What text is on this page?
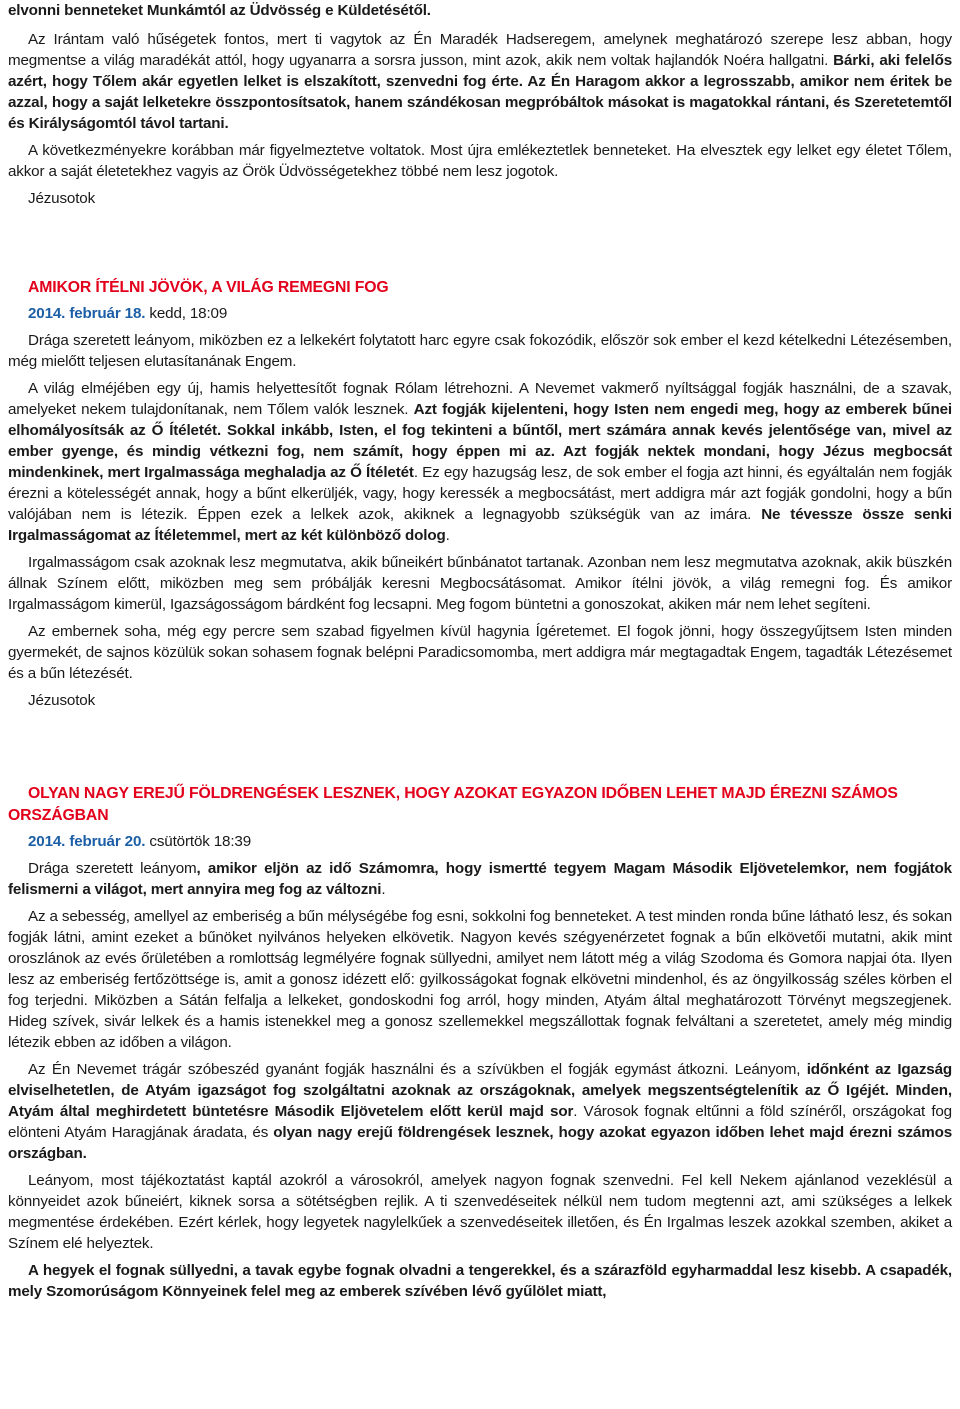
elvonni benneteket Munkámtól az Üdvösség e Küldetésétől.

Az Irántam való hűségetek fontos, mert ti vagytok az Én Maradék Hadseregem, amelynek meghatározó szerepe lesz abban, hogy megmentse a világ maradékát attól, hogy ugyanarra a sorsra jusson, mint azok, akik nem voltak hajlandók Noéra hallgatni. Bárki, aki felelős azért, hogy Tőlem akár egyetlen lelket is elszakított, szenvedni fog érte. Az Én Haragom akkor a legrosszabb, amikor nem éritek be azzal, hogy a saját lelketekre összpontosítsatok, hanem szándékosan megpróbáltok másokat is magatokkal rántani, és Szeretetemtől és Királyságomtól távol tartani.

A következményekre korábban már figyelmeztetve voltatok. Most újra emlékeztetlek benneteket. Ha elvesztek egy lelket egy életet Tőlem, akkor a saját életetekhez vagyis az Örök Üdvösségetekhez többé nem lesz jogotok.

Jézusotok

AMIKOR ÍTÉLNI JÖVÖK, A VILÁG REMEGNI FOG
2014. február 18. kedd, 18:09

Drága szeretett leányom, miközben ez a lelkekért folytatott harc egyre csak fokozódik, először sok ember el kezd kételkedni Létezésemben, még mielőtt teljesen elutasítanának Engem.

A világ elméjében egy új, hamis helyettesítőt fognak Rólam létrehozni. A Nevemet vakmerő nyíltsággal fogják használni, de a szavak, amelyeket nekem tulajdonítanak, nem Tőlem valók lesznek. Azt fogják kijelenteni, hogy Isten nem engedi meg, hogy az emberek bűnei elhomályosítsák az Ő Ítéletét. Sokkal inkább, Isten, el fog tekinteni a bűntől, mert számára annak kevés jelentősége van, mivel az ember gyenge, és mindig vétkezni fog, nem számít, hogy éppen mi az. Azt fogják nektek mondani, hogy Jézus megbocsát mindenkinek, mert Irgalmassága meghaladja az Ő Ítéletét. Ez egy hazugság lesz, de sok ember el fogja azt hinni, és egyáltalán nem fogják érezni a kötelességét annak, hogy a bűnt elkerüljék, vagy, hogy keressék a megbocsátást, mert addigra már azt fogják gondolni, hogy a bűn valójában nem is létezik. Éppen ezek a lelkek azok, akiknek a legnagyobb szükségük van az imára. Ne tévessze össze senki Irgalmasságomat az Ítéletemmel, mert az két különböző dolog.

Irgalmasságom csak azoknak lesz megmutatva, akik bűneikért bűnbánatot tartanak. Azonban nem lesz megmutatva azoknak, akik büszkén állnak Színem előtt, miközben meg sem próbálják keresni Megbocsátásomat. Amikor ítélni jövök, a világ remegni fog. És amikor Irgalmasságom kimerül, Igazságosságom bárdként fog lecsapni. Meg fogom büntetni a gonoszokat, akiken már nem lehet segíteni.

Az embernek soha, még egy percre sem szabad figyelmen kívül hagynia Ígéretemet. El fogok jönni, hogy összegyűjtsem Isten minden gyermekét, de sajnos közülük sokan sohasem fognak belépni Paradicsomomba, mert addigra már megtagadtak Engem, tagadták Létezésemet és a bűn létezését.

Jézusotok

OLYAN NAGY EREJŰ FÖLDRENGÉSEK LESZNEK, HOGY AZOKAT EGYAZON IDŐBEN LEHET MAJD ÉREZNI SZÁMOS ORSZÁGBAN
2014. február 20. csütörtök 18:39

Drága szeretett leányom, amikor eljön az idő Számomra, hogy ismertté tegyem Magam Második Eljövetelemkor, nem fogjátok felismerni a világot, mert annyira meg fog az változni.

Az a sebesség, amellyel az emberiség a bűn mélységébe fog esni, sokkolni fog benneteket. A test minden ronda bűne látható lesz, és sokan fogják látni, amint ezeket a bűnöket nyilvános helyeken elkövetik. Nagyon kevés szégyenérzetet fognak a bűn elkövetői mutatni, akik mint oroszlánok az evés őrületében a romlottság legmélyére fognak süllyedni, amilyet nem látott még a világ Szodoma és Gomora napjai óta. Ilyen lesz az emberiség fertőzöttsége is, amit a gonosz idézett elő: gyilkosságokat fognak elkövetni mindenhol, és az öngyilkosság széles körben el fog terjedni. Miközben a Sátán felfalja a lelkeket, gondoskodni fog arról, hogy minden, Atyám által meghatározott Törvényt megszegjenek. Hideg szívek, sivár lelkek és a hamis istenekkel meg a gonosz szellemekkel megszállottak fognak felváltani a szeretetet, amely még mindig létezik ebben az időben a világon.

Az Én Nevemet trágár szóbeszéd gyanánt fogják használni és a szívükben el fogják egymást átkozni. Leányom, időnként az Igazság elviselhetetlen, de Atyám igazságot fog szolgáltatni azoknak az országoknak, amelyek megszentségtelenítik az Ő Igéjét. Minden, Atyám által meghirdetett büntetésre Második Eljövetelem előtt kerül majd sor. Városok fognak eltűnni a föld színéről, országokat fog elönteni Atyám Haragjának áradata, és olyan nagy erejű földrengések lesznek, hogy azokat egyazon időben lehet majd érezni számos országban.

Leányom, most tájékoztatást kaptál azokról a városokról, amelyek nagyon fognak szenvedni. Fel kell Nekem ajánlanod vezeklésül a könnyeidet azok bűneiért, kiknek sorsa a sötétségben rejlik. A ti szenvedéseitek nélkül nem tudom megtenni azt, ami szükséges a lelkek megmentése érdekében. Ezért kérlek, hogy legyetek nagylelkűek a szenvedéseitek illetően, és Én Irgalmas leszek azokkal szemben, akiket a Színem elé helyeztek.

A hegyek el fognak süllyedni, a tavak egybe fognak olvadni a tengerekkel, és a szárazföld egyharmaddal lesz kisebb. A csapadék, mely Szomorúságom Könnyeinek felel meg az emberek szívében lévő gyűlölet miatt,
